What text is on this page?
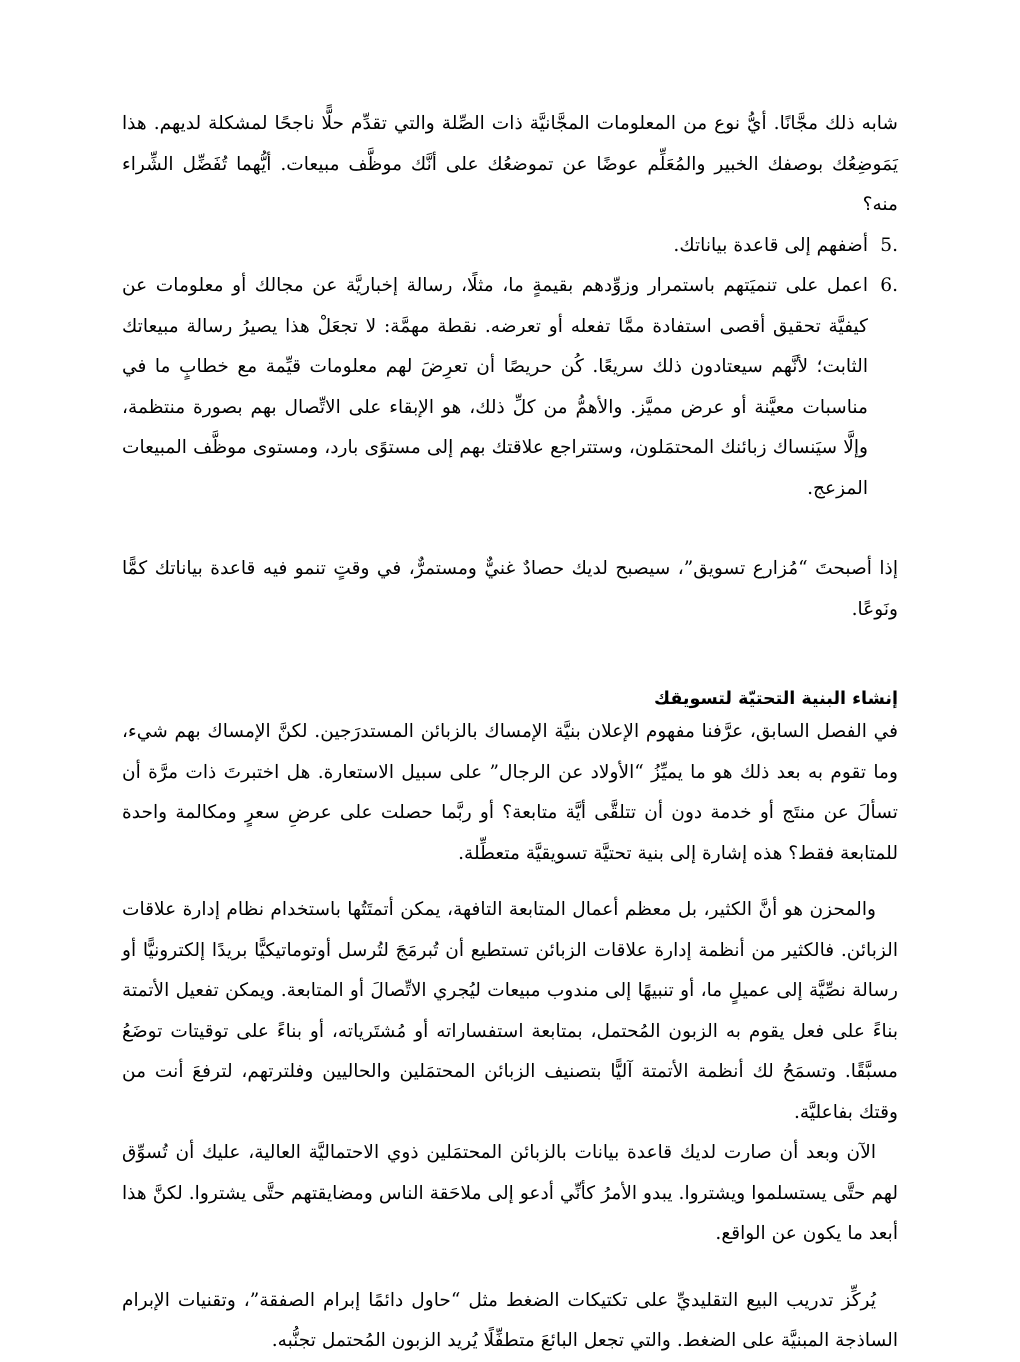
شابه ذلك مجَّانًا. أيُّ نوع من المعلومات المجَّانيَّة ذات الصِّلة والتي تقدِّم حلًّا ناجحًا لمشكلة لديهم. هذا يَمَوضِعُك بوصفك الخبير والمُعَلِّم عوضًا عن تموضعُك على أنَّك موظَّف مبيعات. أيُّهما تُفَضِّل الشِّراء منه؟

5.
أضفهم إلى قاعدة بياناتك.
6.
اعمل على تنميَتهم باستمرار وزوِّدهم بقيمةٍ ما، مثلًا، رسالة إخباريَّة عن مجالك أو معلومات عن كيفيَّة تحقيق أقصى استفادة ممَّا تفعله أو تعرضه. نقطة مهمَّة: لا تجعَلْ هذا يصيرُ رسالة مبيعاتك الثابت؛ لأنَّهم سيعتادون ذلك سريعًا. كُن حريصًا أن تعرِضَ لهم معلومات قيِّمة مع خطابٍ ما في مناسبات معيَّنة أو عرض مميَّز. والأهمُّ من كلِّ ذلك، هو الإبقاء على الاتِّصال بهم بصورة منتظمة، وإلَّا سيَنساك زبائنك المحتمَلون، وستتراجع علاقتك بهم إلى مستوًى بارد، ومستوى موظَّف المبيعات المزعج.

إذا أصبحتَ “مُزارع تسويق”، سيصبح لديك حصادٌ غنيٌّ ومستمرٌّ، في وقتٍ تنمو فيه قاعدة بياناتك كمًّا ونَوعًا.

إنشاء البنية التحتيّة لتسويقك

في الفصل السابق، عرَّفنا مفهوم الإعلان بنيَّة الإمساك بالزبائن المستدرَجين. لكنَّ الإمساك بهم شيء، وما تقوم به بعد ذلك هو ما يميِّزُ “الأولاد عن الرجال” على سبيل الاستعارة. هل اختبرتَ ذات مرَّة أن تسألَ عن منتَج أو خدمة دون أن تتلقَّى أيَّة متابعة؟ أو ربَّما حصلت على عرضِ سعرٍ ومكالمة واحدة للمتابعة فقط؟ هذه إشارة إلى بنية تحتيَّة تسويقيَّة متعطِّلة.

والمحزن هو أنَّ الكثير، بل معظم أعمال المتابعة التافهة، يمكن أتمتَتُها باستخدام نظام إدارة علاقات الزبائن. فالكثير من أنظمة إدارة علاقات الزبائن تستطيع أن تُبرمَجَ لتُرسل أوتوماتيكيًّا بريدًا إلكترونيًّا أو رسالة نصِّيَّة إلى عميلٍ ما، أو تنبيهًا إلى مندوب مبيعات ليُجري الاتِّصالَ أو المتابعة. ويمكن تفعيل الأتمتة بناءً على فعل يقوم به الزبون المُحتمل، بمتابعة استفساراته أو مُشتَرياته، أو بناءً على توقيتات توضَعُ مسبَّقًا. وتسمَحُ لك أنظمة الأتمتة آليًّا بتصنيف الزبائن المحتمَلين والحاليين وفلترتهم، لترفعَ أنت من وقتك بفاعليَّة.

الآن وبعد أن صارت لديك قاعدة بيانات بالزبائن المحتمَلين ذوي الاحتماليَّة العالية، عليك أن تُسوِّق لهم حتَّى يستسلموا ويشتروا. يبدو الأمرُ كأنِّي أدعو إلى ملاحَقة الناس ومضايقتهم حتَّى يشتروا. لكنَّ هذا أبعد ما يكون عن الواقع.

يُركِّز تدريب البيع التقليديِّ على تكتيكات الضغط مثل “حاول دائمًا إبرام الصفقة”، وتقنيات الإبرام الساذجة المبنيَّة على الضغط. والتي تجعل البائعَ متطفِّلًا يُريد الزبون المُحتمل تجنُّبه.
